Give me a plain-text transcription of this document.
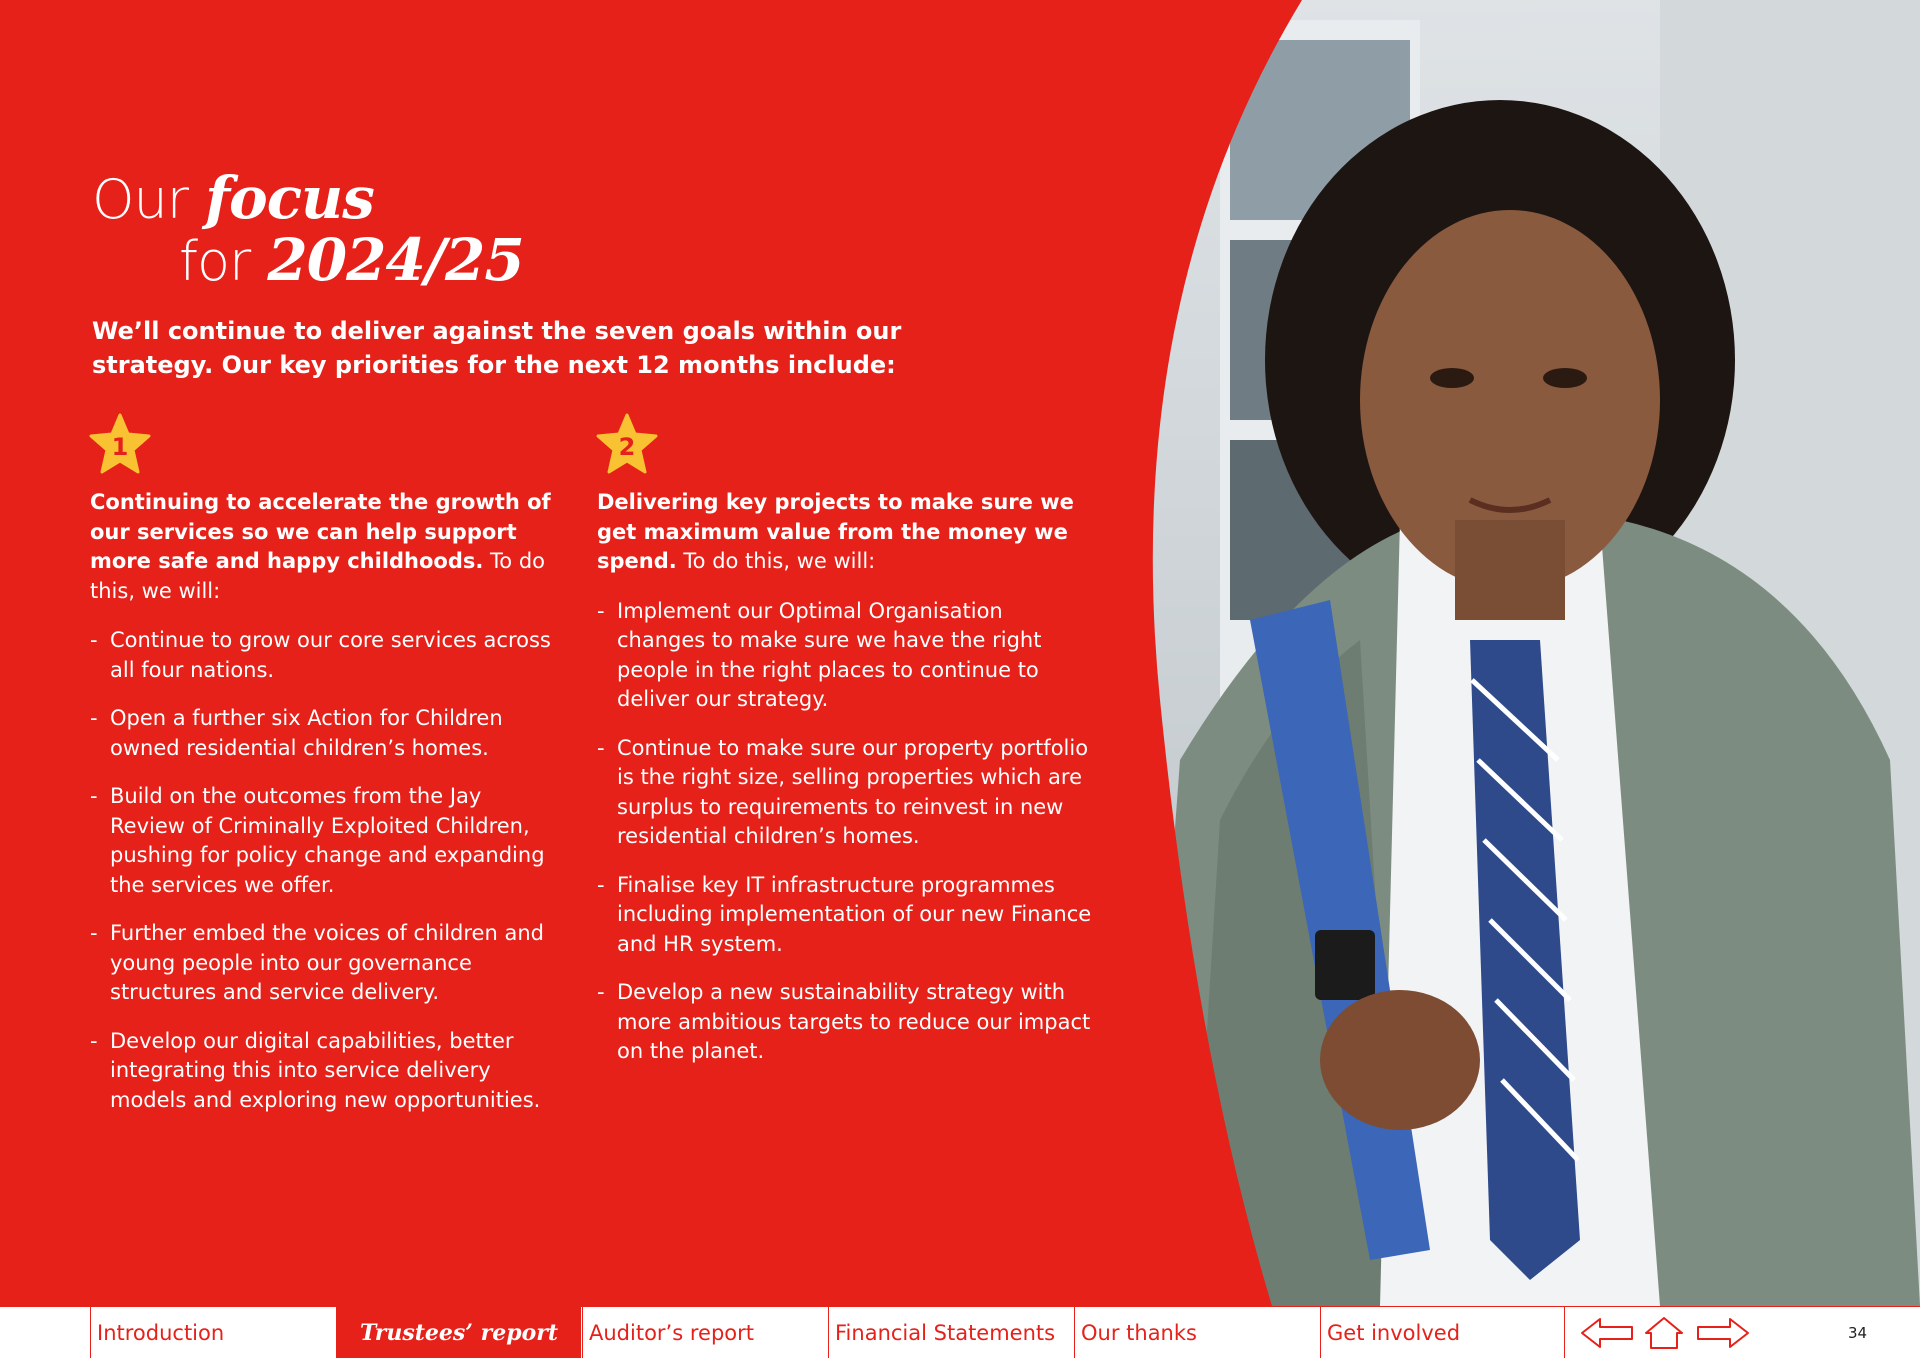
Our focus
for 2024/25
We’ll continue to deliver against the seven goals within our strategy. Our key priorities for the next 12 months include:
1
Continuing to accelerate the growth of our services so we can help support more safe and happy childhoods. To do this, we will:
- Continue to grow our core services across all four nations.
- Open a further six Action for Children owned residential children’s homes.
- Build on the outcomes from the Jay Review of Criminally Exploited Children, pushing for policy change and expanding the services we offer.
- Further embed the voices of children and young people into our governance structures and service delivery.
- Develop our digital capabilities, better integrating this into service delivery models and exploring new opportunities.
2
Delivering key projects to make sure we get maximum value from the money we spend. To do this, we will:
- Implement our Optimal Organisation changes to make sure we have the right people in the right places to continue to deliver our strategy.
- Continue to make sure our property portfolio is the right size, selling properties which are surplus to requirements to reinvest in new residential children’s homes.
- Finalise key IT infrastructure programmes including implementation of our new Finance and HR system.
- Develop a new sustainability strategy with more ambitious targets to reduce our impact on the planet.
Introduction	Trustees’ report	Auditor’s report	Financial Statements	Our thanks	Get involved	34
